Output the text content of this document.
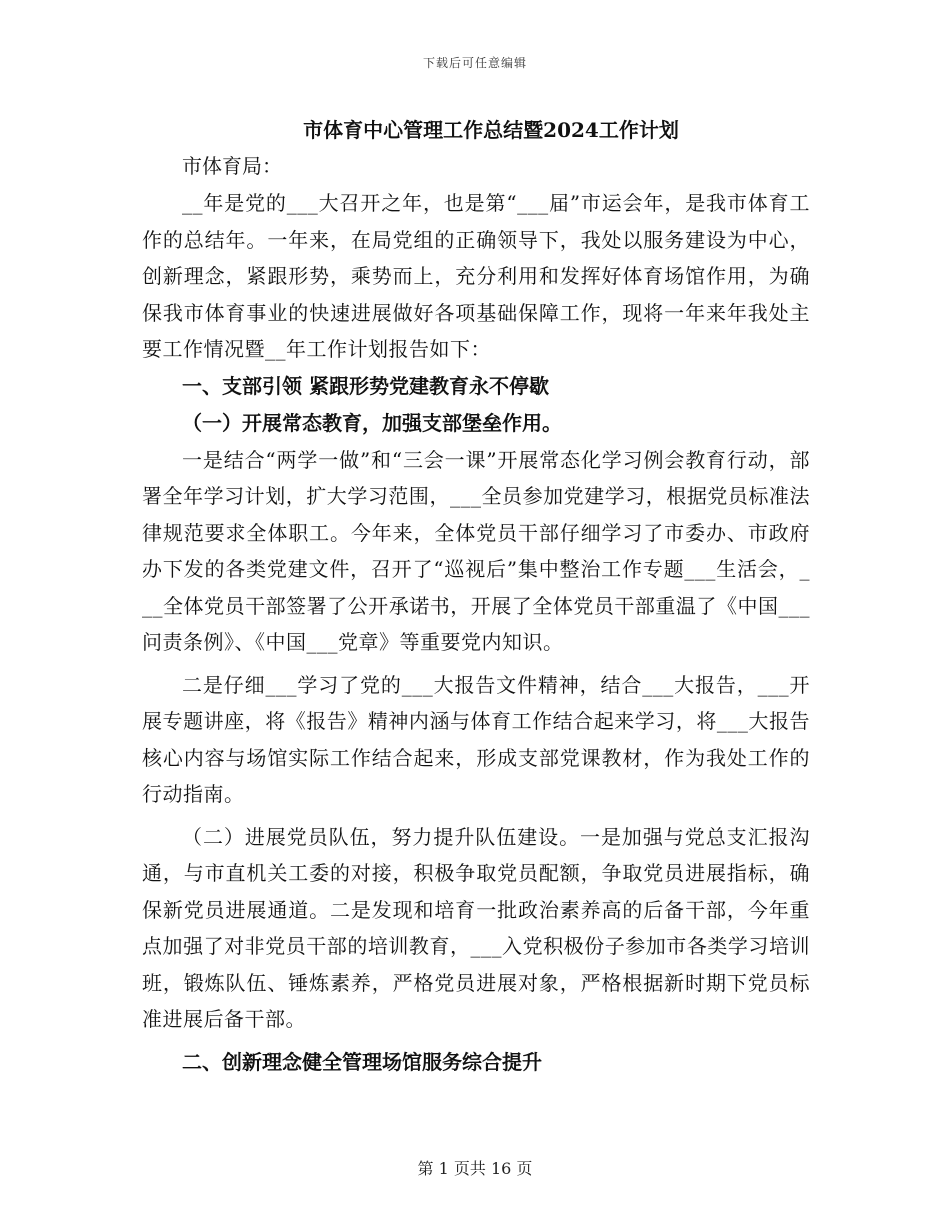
下载后可任意编辑
市体育中心管理工作总结暨2024工作计划

市体育局：

__年是党的___大召开之年，也是第“___届”市运会年，是我市体育工作的总结年。一年来，在局党组的正确领导下，我处以服务建设为中心，创新理念，紧跟形势，乘势而上，充分利用和发挥好体育场馆作用，为确保我市体育事业的快速进展做好各项基础保障工作，现将一年来年我处主要工作情况暨__年工作计划报告如下：

一、支部引领 紧跟形势党建教育永不停歇

（一）开展常态教育，加强支部堡垒作用。

一是结合“两学一做”和“三会一课”开展常态化学习例会教育行动，部署全年学习计划，扩大学习范围，___全员参加党建学习，根据党员标准法律规范要求全体职工。今年来，全体党员干部仔细学习了市委办、市政府办下发的各类党建文件，召开了“巡视后”集中整治工作专题___生活会，___全体党员干部签署了公开承诺书，开展了全体党员干部重温了《中国___问责条例》、《中国___党章》等重要党内知识。

二是仔细___学习了党的___大报告文件精神，结合___大报告，___开展专题讲座，将《报告》精神内涵与体育工作结合起来学习，将___大报告核心内容与场馆实际工作结合起来，形成支部党课教材，作为我处工作的行动指南。

（二）进展党员队伍，努力提升队伍建设。一是加强与党总支汇报沟通，与市直机关工委的对接，积极争取党员配额，争取党员进展指标，确保新党员进展通道。二是发现和培育一批政治素养高的后备干部，今年重点加强了对非党员干部的培训教育，___入党积极份子参加市各类学习培训班，锻炼队伍、锤炼素养，严格党员进展对象，严格根据新时期下党员标准进展后备干部。

二、创新理念健全管理场馆服务综合提升

第 1 页共 16 页
